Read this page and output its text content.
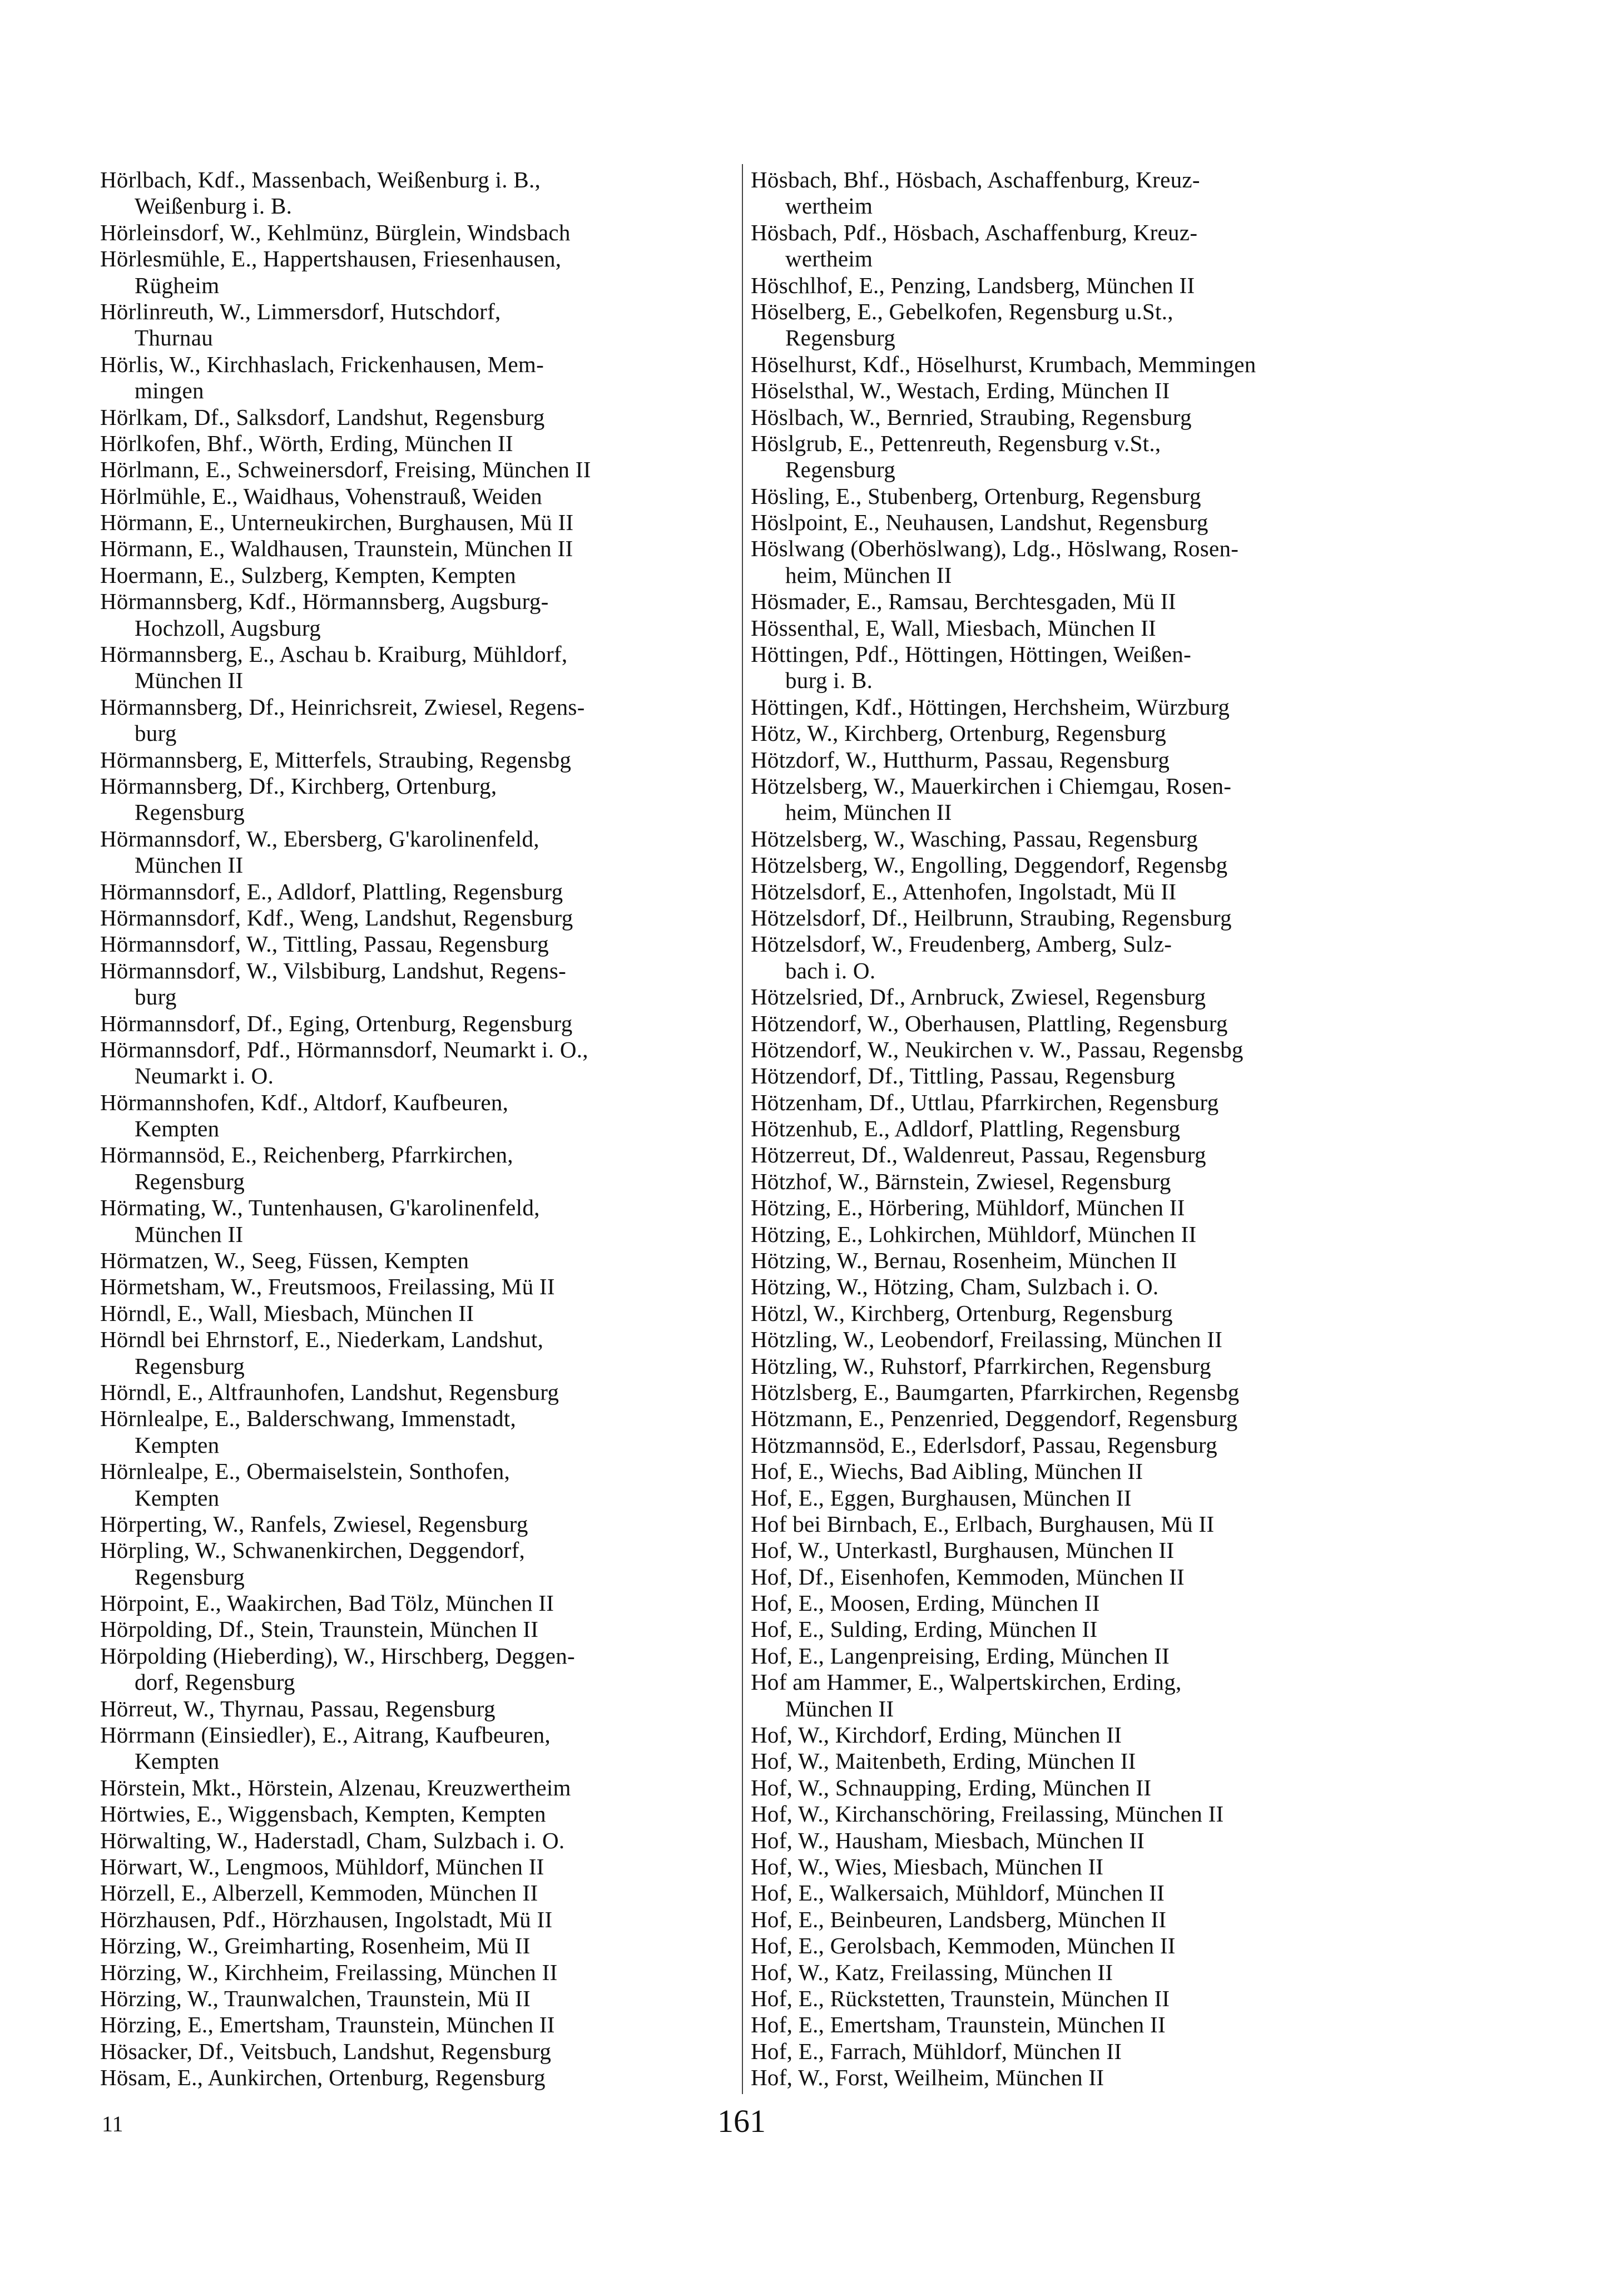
Hörlbach, Kdf., Massenbach, Weißenburg i. B.,
Weißenburg i. B.
Hörleinsdorf, W., Kehlmünz, Bürglein, Windsbach
Hörlesmühle, E., Happertshausen, Friesenhausen,
Rügheim
Hörlinreuth, W., Limmersdorf, Hutschdorf,
Thurnau
Hörlis, W., Kirchhaslach, Frickenhausen, Mem-
mingen
Hörlkam, Df., Salksdorf, Landshut, Regensburg
Hörlkofen, Bhf., Wörth, Erding, München II
Hörlmann, E., Schweinersdorf, Freising, München II
Hörlmühle, E., Waidhaus, Vohenstrauß, Weiden
Hörmann, E., Unterneukirchen, Burghausen, Mü II
Hörmann, E., Waldhausen, Traunstein, München II
Hoermann, E., Sulzberg, Kempten, Kempten
Hörmannsberg, Kdf., Hörmannsberg, Augsburg-
Hochzoll, Augsburg
Hörmannsberg, E., Aschau b. Kraiburg, Mühldorf,
München II
Hörmannsberg, Df., Heinrichsreit, Zwiesel, Regens-
burg
Hörmannsberg, E, Mitterfels, Straubing, Regensbg
Hörmannsberg, Df., Kirchberg, Ortenburg,
Regensburg
Hörmannsdorf, W., Ebersberg, G'karolinenfeld,
München II
Hörmannsdorf, E., Adldorf, Plattling, Regensburg
Hörmannsdorf, Kdf., Weng, Landshut, Regensburg
Hörmannsdorf, W., Tittling, Passau, Regensburg
Hörmannsdorf, W., Vilsbiburg, Landshut, Regens-
burg
Hörmannsdorf, Df., Eging, Ortenburg, Regensburg
Hörmannsdorf, Pdf., Hörmannsdorf, Neumarkt i. O.,
Neumarkt i. O.
Hörmannshofen, Kdf., Altdorf, Kaufbeuren,
Kempten
Hörmannsöd, E., Reichenberg, Pfarrkirchen,
Regensburg
Hörmating, W., Tuntenhausen, G'karolinenfeld,
München II
Hörmatzen, W., Seeg, Füssen, Kempten
Hörmetsham, W., Freutsmoos, Freilassing, Mü II
Hörndl, E., Wall, Miesbach, München II
Hörndl bei Ehrnstorf, E., Niederkam, Landshut,
Regensburg
Hörndl, E., Altfraunhofen, Landshut, Regensburg
Hörnlealpe, E., Balderschwang, Immenstadt,
Kempten
Hörnlealpe, E., Obermaiselstein, Sonthofen,
Kempten
Hörperting, W., Ranfels, Zwiesel, Regensburg
Hörpling, W., Schwanenkirchen, Deggendorf,
Regensburg
Hörpoint, E., Waakirchen, Bad Tölz, München II
Hörpolding, Df., Stein, Traunstein, München II
Hörpolding (Hieberding), W., Hirschberg, Deggen-
dorf, Regensburg
Hörreut, W., Thyrnau, Passau, Regensburg
Hörrmann (Einsiedler), E., Aitrang, Kaufbeuren,
Kempten
Hörstein, Mkt., Hörstein, Alzenau, Kreuzwertheim
Hörtwies, E., Wiggensbach, Kempten, Kempten
Hörwalting, W., Haderstadl, Cham, Sulzbach i. O.
Hörwart, W., Lengmoos, Mühldorf, München II
Hörzell, E., Alberzell, Kemmoden, München II
Hörzhausen, Pdf., Hörzhausen, Ingolstadt, Mü II
Hörzing, W., Greimharting, Rosenheim, Mü II
Hörzing, W., Kirchheim, Freilassing, München II
Hörzing, W., Traunwalchen, Traunstein, Mü II
Hörzing, E., Emertsham, Traunstein, München II
Hösacker, Df., Veitsbuch, Landshut, Regensburg
Hösam, E., Aunkirchen, Ortenburg, Regensburg
Hösbach, Bhf., Hösbach, Aschaffenburg, Kreuz-
wertheim
Hösbach, Pdf., Hösbach, Aschaffenburg, Kreuz-
wertheim
Höschlhof, E., Penzing, Landsberg, München II
Höselberg, E., Gebelkofen, Regensburg u.St.,
Regensburg
Höselhurst, Kdf., Höselhurst, Krumbach, Memmingen
Höselsthal, W., Westach, Erding, München II
Höslbach, W., Bernried, Straubing, Regensburg
Höslgrub, E., Pettenreuth, Regensburg v.St.,
Regensburg
Hösling, E., Stubenberg, Ortenburg, Regensburg
Höslpoint, E., Neuhausen, Landshut, Regensburg
Höslwang (Oberhöslwang), Ldg., Höslwang, Rosen-
heim, München II
Hösmader, E., Ramsau, Berchtesgaden, Mü II
Hössenthal, E, Wall, Miesbach, München II
Höttingen, Pdf., Höttingen, Höttingen, Weißen-
burg i. B.
Höttingen, Kdf., Höttingen, Herchsheim, Würzburg
Hötz, W., Kirchberg, Ortenburg, Regensburg
Hötzdorf, W., Hutthurm, Passau, Regensburg
Hötzelsberg, W., Mauerkirchen i Chiemgau, Rosen-
heim, München II
Hötzelsberg, W., Wasching, Passau, Regensburg
Hötzelsberg, W., Engolling, Deggendorf, Regensbg
Hötzelsdorf, E., Attenhofen, Ingolstadt, Mü II
Hötzelsdorf, Df., Heilbrunn, Straubing, Regensburg
Hötzelsdorf, W., Freudenberg, Amberg, Sulz-
bach i. O.
Hötzelsried, Df., Arnbruck, Zwiesel, Regensburg
Hötzendorf, W., Oberhausen, Plattling, Regensburg
Hötzendorf, W., Neukirchen v. W., Passau, Regensbg
Hötzendorf, Df., Tittling, Passau, Regensburg
Hötzenham, Df., Uttlau, Pfarrkirchen, Regensburg
Hötzenhub, E., Adldorf, Plattling, Regensburg
Hötzerreut, Df., Waldenreut, Passau, Regensburg
Hötzhof, W., Bärnstein, Zwiesel, Regensburg
Hötzing, E., Hörbering, Mühldorf, München II
Hötzing, E., Lohkirchen, Mühldorf, München II
Hötzing, W., Bernau, Rosenheim, München II
Hötzing, W., Hötzing, Cham, Sulzbach i. O.
Hötzl, W., Kirchberg, Ortenburg, Regensburg
Hötzling, W., Leobendorf, Freilassing, München II
Hötzling, W., Ruhstorf, Pfarrkirchen, Regensburg
Hötzlsberg, E., Baumgarten, Pfarrkirchen, Regensbg
Hötzmann, E., Penzenried, Deggendorf, Regensburg
Hötzmannsöd, E., Ederlsdorf, Passau, Regensburg
Hof, E., Wiechs, Bad Aibling, München II
Hof, E., Eggen, Burghausen, München II
Hof bei Birnbach, E., Erlbach, Burghausen, Mü II
Hof, W., Unterkastl, Burghausen, München II
Hof, Df., Eisenhofen, Kemmoden, München II
Hof, E., Moosen, Erding, München II
Hof, E., Sulding, Erding, München II
Hof, E., Langenpreising, Erding, München II
Hof am Hammer, E., Walpertskirchen, Erding,
München II
Hof, W., Kirchdorf, Erding, München II
Hof, W., Maitenbeth, Erding, München II
Hof, W., Schnaupping, Erding, München II
Hof, W., Kirchanschöring, Freilassing, München II
Hof, W., Hausham, Miesbach, München II
Hof, W., Wies, Miesbach, München II
Hof, E., Walkersaich, Mühldorf, München II
Hof, E., Beinbeuren, Landsberg, München II
Hof, E., Gerolsbach, Kemmoden, München II
Hof, W., Katz, Freilassing, München II
Hof, E., Rückstetten, Traunstein, München II
Hof, E., Emertsham, Traunstein, München II
Hof, E., Farrach, Mühldorf, München II
Hof, W., Forst, Weilheim, München II
11	161
